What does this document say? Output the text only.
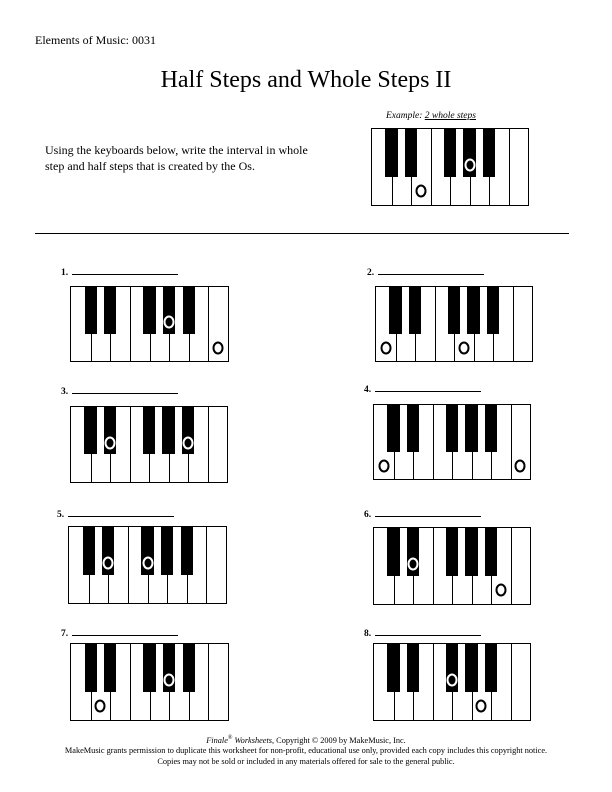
Elements of Music: 0031
Half Steps and Whole Steps II
Using the keyboards below, write the interval in whole step and half steps that is created by the Os.
Example: 2 whole steps
1.	2.
3.	4.
5.	6.
7.	8.
Finale® Worksheets, Copyright © 2009 by MakeMusic, Inc.
MakeMusic grants permission to duplicate this worksheet for non-profit, educational use only, provided each copy includes this copyright notice.
Copies may not be sold or included in any materials offered for sale to the general public.
